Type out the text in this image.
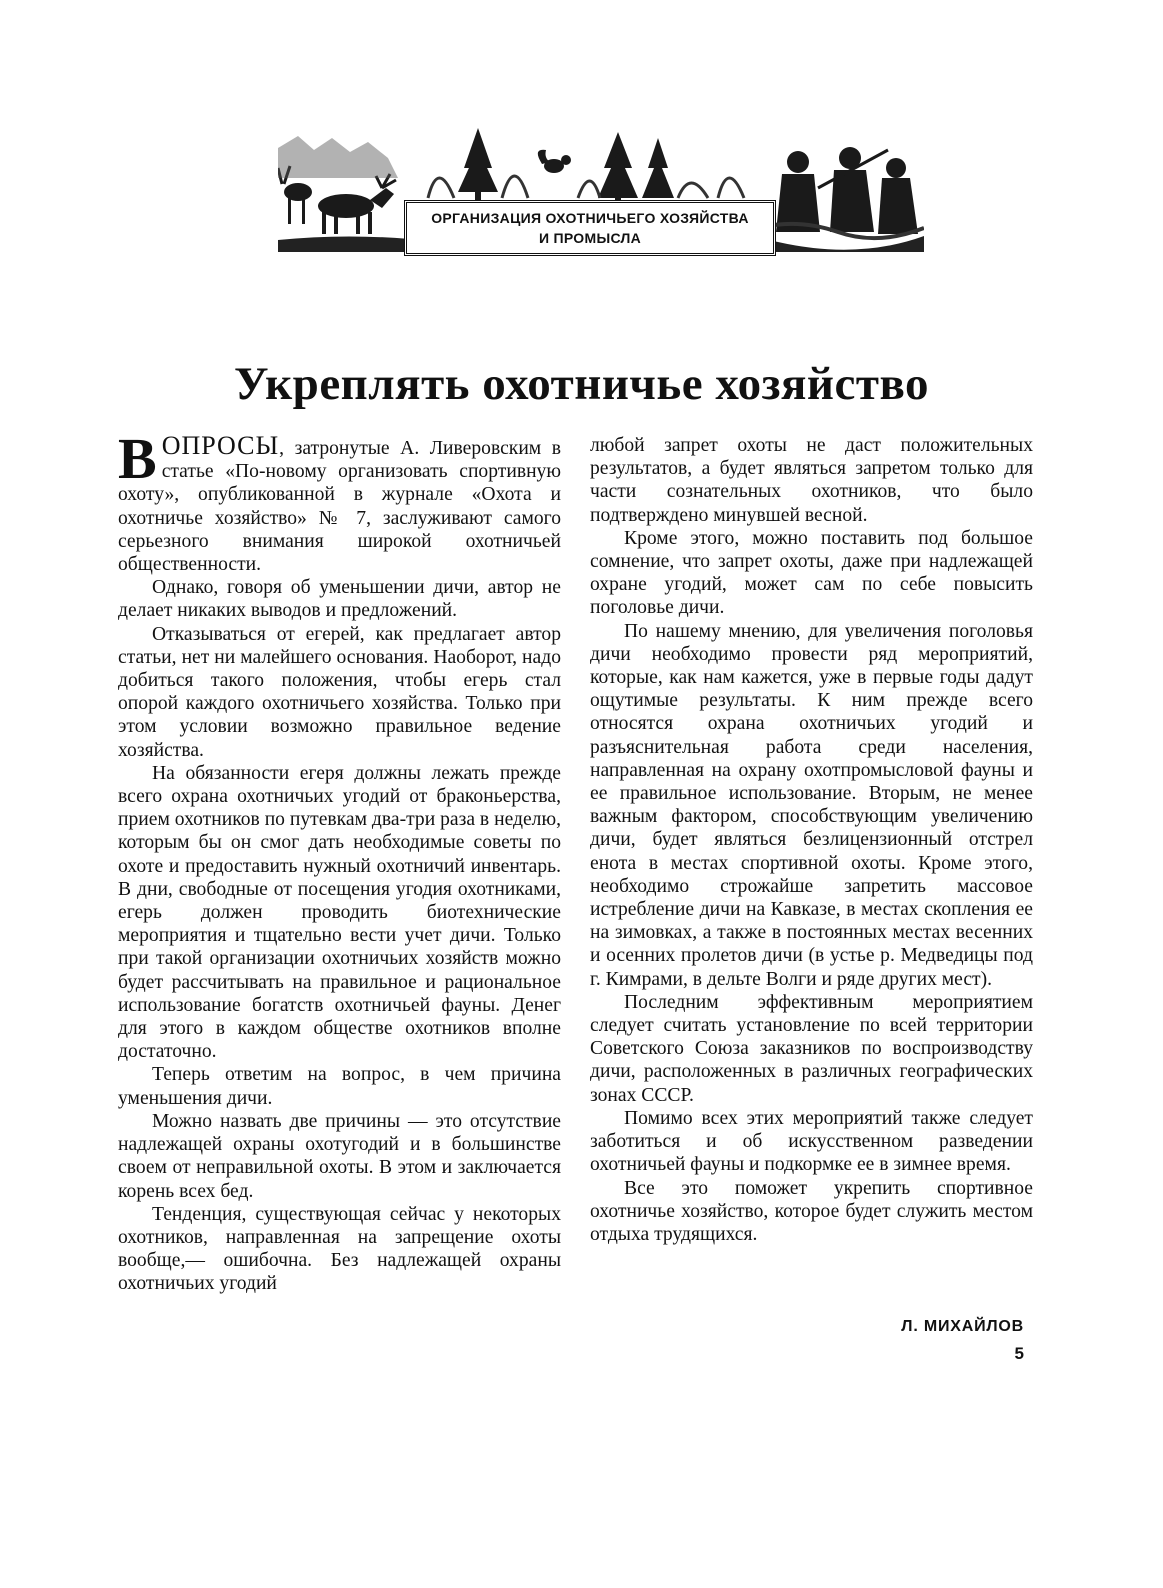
ОРГАНИЗАЦИЯ ОХОТНИЧЬЕГО ХОЗЯЙСТВА
И ПРОМЫСЛА
Укреплять охотничье хозяйство

ВОПРОСЫ, затронутые А. Ливеровским в статье «По-новому организовать спортивную охоту», опубликованной в журнале «Охота и охотничье хозяйство» № 7, заслуживают самого серьезного внимания широкой охотничьей общественности.

Однако, говоря об уменьшении дичи, автор не делает никаких выводов и предложений.

Отказываться от егерей, как предлагает автор статьи, нет ни малейшего основания. Наоборот, надо добиться такого положения, чтобы егерь стал опорой каждого охотничьего хозяйства. Только при этом условии возможно правильное ведение хозяйства.

На обязанности егеря должны лежать прежде всего охрана охотничьих угодий от браконьерства, прием охотников по путевкам два-три раза в неделю, которым бы он смог дать необходимые советы по охоте и предоставить нужный охотничий инвентарь. В дни, свободные от посещения угодия охотниками, егерь должен проводить биотехнические мероприятия и тщательно вести учет дичи. Только при такой организации охотничьих хозяйств можно будет рассчитывать на правильное и рациональное использование богатств охотничьей фауны. Денег для этого в каждом обществе охотников вполне достаточно.

Теперь ответим на вопрос, в чем причина уменьшения дичи.

Можно назвать две причины — это отсутствие надлежащей охраны охотугодий и в большинстве своем от неправильной охоты. В этом и заключается корень всех бед.

Тенденция, существующая сейчас у некоторых охотников, направленная на запрещение охоты вообще,— ошибочна. Без надлежащей охраны охотничьих угодий

любой запрет охоты не даст положительных результатов, а будет являться запретом только для части сознательных охотников, что было подтверждено минувшей весной.

Кроме этого, можно поставить под большое сомнение, что запрет охоты, даже при надлежащей охране угодий, может сам по себе повысить поголовье дичи.

По нашему мнению, для увеличения поголовья дичи необходимо провести ряд мероприятий, которые, как нам кажется, уже в первые годы дадут ощутимые результаты. К ним прежде всего относятся охрана охотничьих угодий и разъяснительная работа среди населения, направленная на охрану охотпромысловой фауны и ее правильное использование. Вторым, не менее важным фактором, способствующим увеличению дичи, будет являться безлицензионный отстрел енота в местах спортивной охоты. Кроме этого, необходимо строжайше запретить массовое истребление дичи на Кавказе, в местах скопления ее на зимовках, а также в постоянных местах весенних и осенних пролетов дичи (в устье р. Медведицы под г. Кимрами, в дельте Волги и ряде других мест).

Последним эффективным мероприятием следует считать установление по всей территории Советского Союза заказников по воспроизводству дичи, расположенных в различных географических зонах СССР.

Помимо всех этих мероприятий также следует заботиться и об искусственном разведении охотничьей фауны и подкормке ее в зимнее время.

Все это поможет укрепить спортивное охотничье хозяйство, которое будет служить местом отдыха трудящихся.

Л. МИХАЙЛОВ
5
